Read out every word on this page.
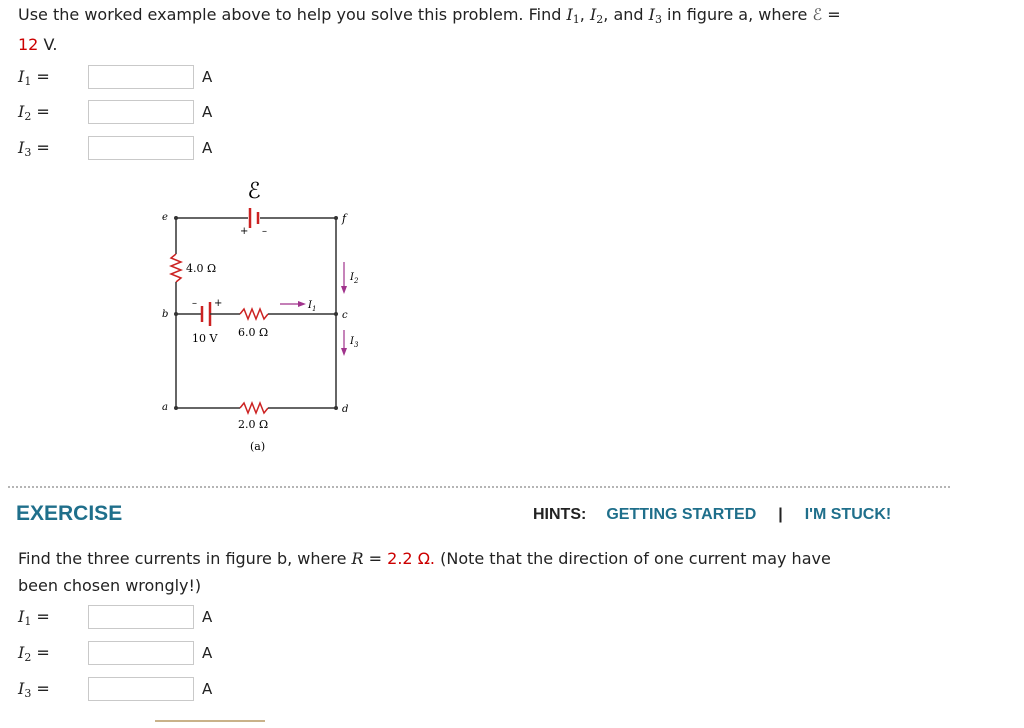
Use the worked example above to help you solve this problem. Find $I_1$, $I_2$, and $I_3$ in figure a, where ℰ =
12 V.
$I_1$ =	A
$I_2$ =	A
$I_3$ =	A
ℰ
+ –
e	f
4.0 Ω
$I_2$
b
– +
10 V 6.0 Ω
c
$I_1$
$I_3$
a	d
2.0 Ω
(a)
EXERCISE	HINTS: GETTING STARTED | I'M STUCK!
Find the three currents in figure b, where R = 2.2 Ω. (Note that the direction of one current may have
been chosen wrongly!)
$I_1$ =	A
$I_2$ =	A
$I_3$ =	A
